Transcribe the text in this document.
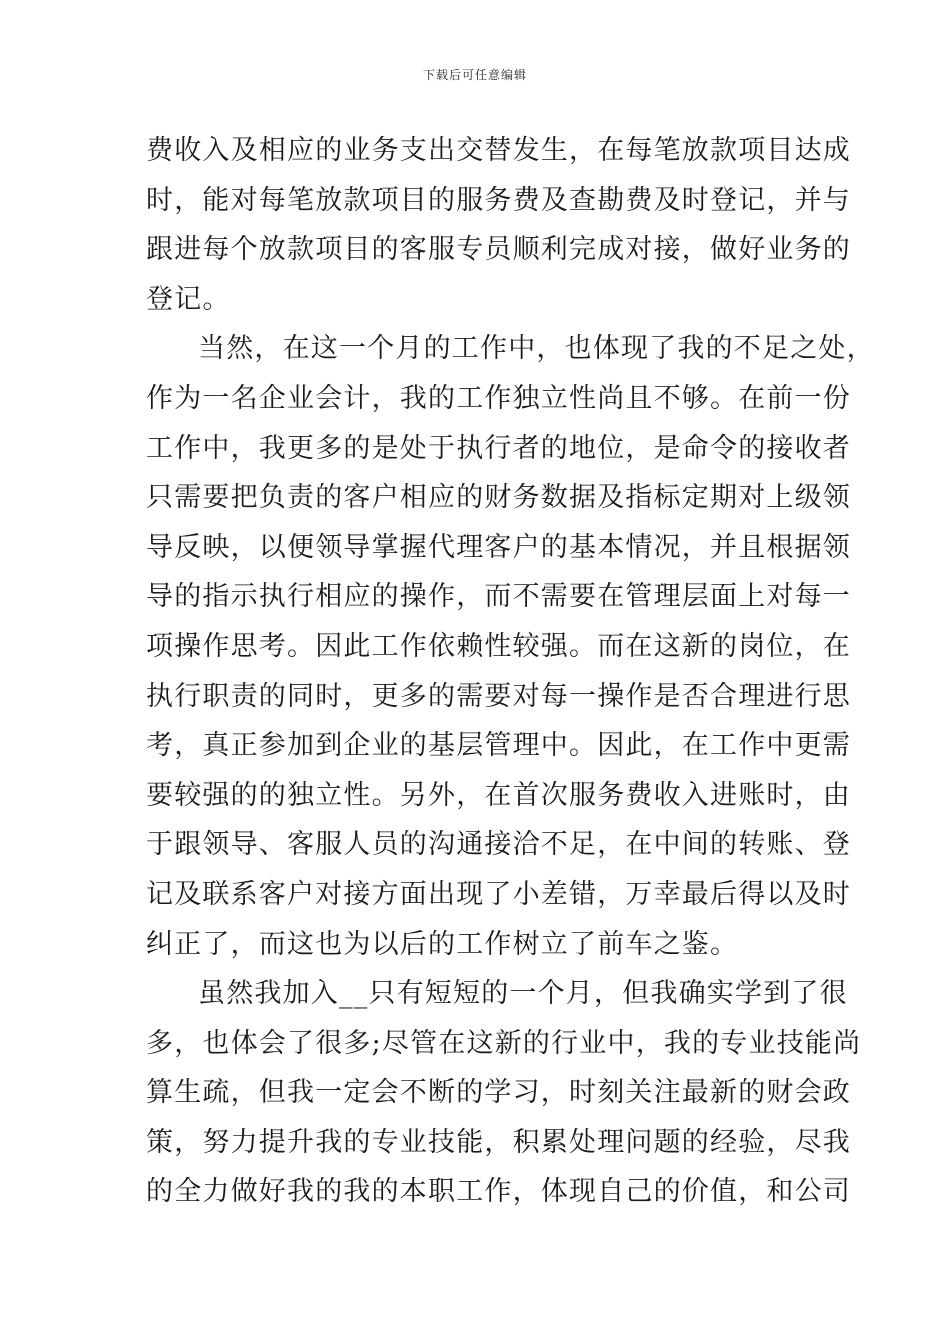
下载后可任意编辑
费收入及相应的业务支出交替发生，在每笔放款项目达成
时，能对每笔放款项目的服务费及查勘费及时登记，并与
跟进每个放款项目的客服专员顺利完成对接，做好业务的
登记。
当然，在这一个月的工作中，也体现了我的不足之处，
作为一名企业会计，我的工作独立性尚且不够。在前一份
工作中，我更多的是处于执行者的地位，是命令的接收者
只需要把负责的客户相应的财务数据及指标定期对上级领
导反映，以便领导掌握代理客户的基本情况，并且根据领
导的指示执行相应的操作，而不需要在管理层面上对每一
项操作思考。因此工作依赖性较强。而在这新的岗位，在
执行职责的同时，更多的需要对每一操作是否合理进行思
考，真正参加到企业的基层管理中。因此，在工作中更需
要较强的的独立性。另外，在首次服务费收入进账时，由
于跟领导、客服人员的沟通接洽不足，在中间的转账、登
记及联系客户对接方面出现了小差错，万幸最后得以及时
纠正了，而这也为以后的工作树立了前车之鉴。
虽然我加入__只有短短的一个月，但我确实学到了很
多，也体会了很多;尽管在这新的行业中，我的专业技能尚
算生疏，但我一定会不断的学习，时刻关注最新的财会政
策，努力提升我的专业技能，积累处理问题的经验，尽我
的全力做好我的我的本职工作，体现自己的价值，和公司
